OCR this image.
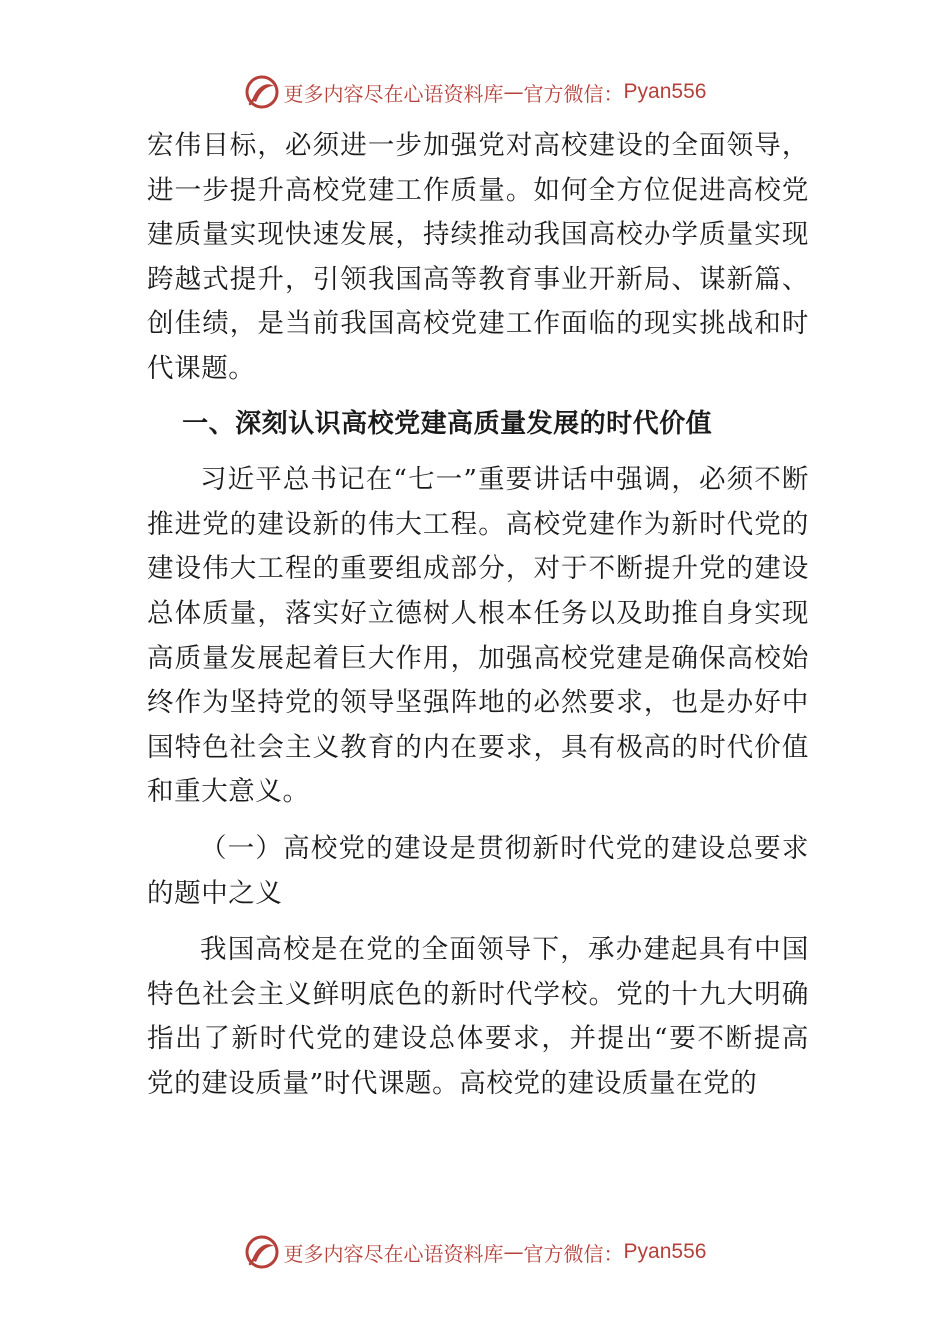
更多内容尽在心语资料库 — 官方微信： Pyan556

宏伟目标，必须进一步加强党对高校建设的全面领导，进一步提升高校党建工作质量。如何全方位促进高校党建质量实现快速发展，持续推动我国高校办学质量实现跨越式提升，引领我国高等教育事业开新局、谋新篇、创佳绩，是当前我国高校党建工作面临的现实挑战和时代课题。

一、深刻认识高校党建高质量发展的时代价值

习近平总书记在“七一”重要讲话中强调，必须不断推进党的建设新的伟大工程。高校党建作为新时代党的建设伟大工程的重要组成部分，对于不断提升党的建设总体质量，落实好立德树人根本任务以及助推自身实现高质量发展起着巨大作用，加强高校党建是确保高校始终作为坚持党的领导坚强阵地的必然要求，也是办好中国特色社会主义教育的内在要求，具有极高的时代价值和重大意义。

（一）高校党的建设是贯彻新时代党的建设总要求的题中之义

我国高校是在党的全面领导下，承办建起具有中国特色社会主义鲜明底色的新时代学校。党的十九大明确指出了新时代党的建设总体要求，并提出“要不断提高党的建设质量”时代课题。高校党的建设质量在党的

更多内容尽在心语资料库 — 官方微信： Pyan556
